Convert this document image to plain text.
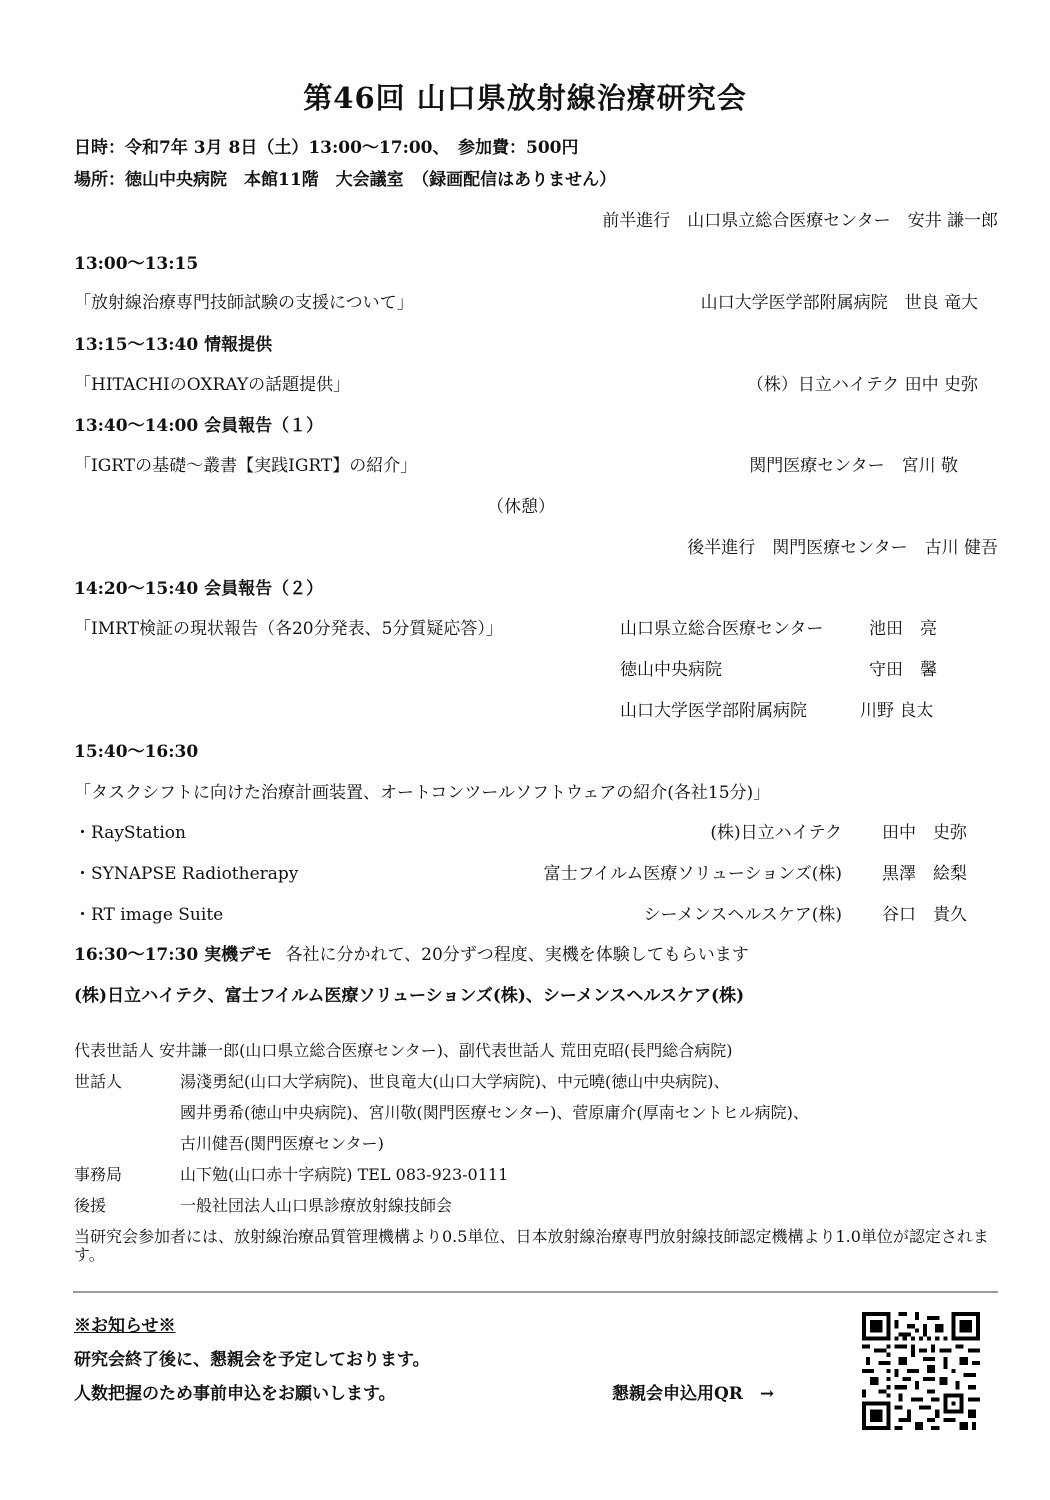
第46回 山口県放射線治療研究会
日時：令和7年 3月 8日（土）13:00～17:00、　参加費：500円
場所：徳山中央病院　本館11階　大会議室　（録画配信はありません）
前半進行　山口県立総合医療センター　安井 謙一郎
13:00～13:15
「放射線治療専門技師試験の支援について」	山口大学医学部附属病院　世良 竜大
13:15～13:40 情報提供
「HITACHIのOXRAYの話題提供」	（株）日立ハイテク 田中 史弥
13:40～14:00 会員報告（１）
「IGRTの基礎～叢書【実践IGRT】の紹介」	関門医療センター　宮川 敬
（休憩）
後半進行　関門医療センター　古川 健吾
14:20～15:40 会員報告（２）
「IMRT検証の現状報告（各20分発表、5分質疑応答）」	山口県立総合医療センター	池田　亮
徳山中央病院	守田　馨
山口大学医学部附属病院	川野 良太
15:40～16:30
「タスクシフトに向けた治療計画装置、オートコンツールソフトウェアの紹介(各社15分)」
・RayStation	(株)日立ハイテク 田中　史弥
・SYNAPSE Radiotherapy	富士フイルム医療ソリューションズ(株) 黒澤　絵梨
・RT image Suite	シーメンスヘルスケア(株) 谷口　貴久
16:30～17:30 実機デモ 各社に分かれて、20分ずつ程度、実機を体験してもらいます
(株)日立ハイテク、富士フイルム医療ソリューションズ(株)、シーメンスヘルスケア(株)
代表世話人 安井謙一郎(山口県立総合医療センター)、副代表世話人 荒田克昭(長門総合病院)
世話人	湯淺勇紀(山口大学病院)、世良竜大(山口大学病院)、中元曉(徳山中央病院)、
國井勇希(徳山中央病院)、宮川敬(関門医療センター)、菅原庸介(厚南セントヒル病院)、
古川健吾(関門医療センター)
事務局	山下勉(山口赤十字病院) TEL 083-923-0111
後援	一般社団法人山口県診療放射線技師会
当研究会参加者には、放射線治療品質管理機構より0.5単位、日本放射線治療専門放射線技師認定機構より1.0単位が認定されます。
※お知らせ※
研究会終了後に、懇親会を予定しております。
人数把握のため事前申込をお願いします。	懇親会申込用QR　→
